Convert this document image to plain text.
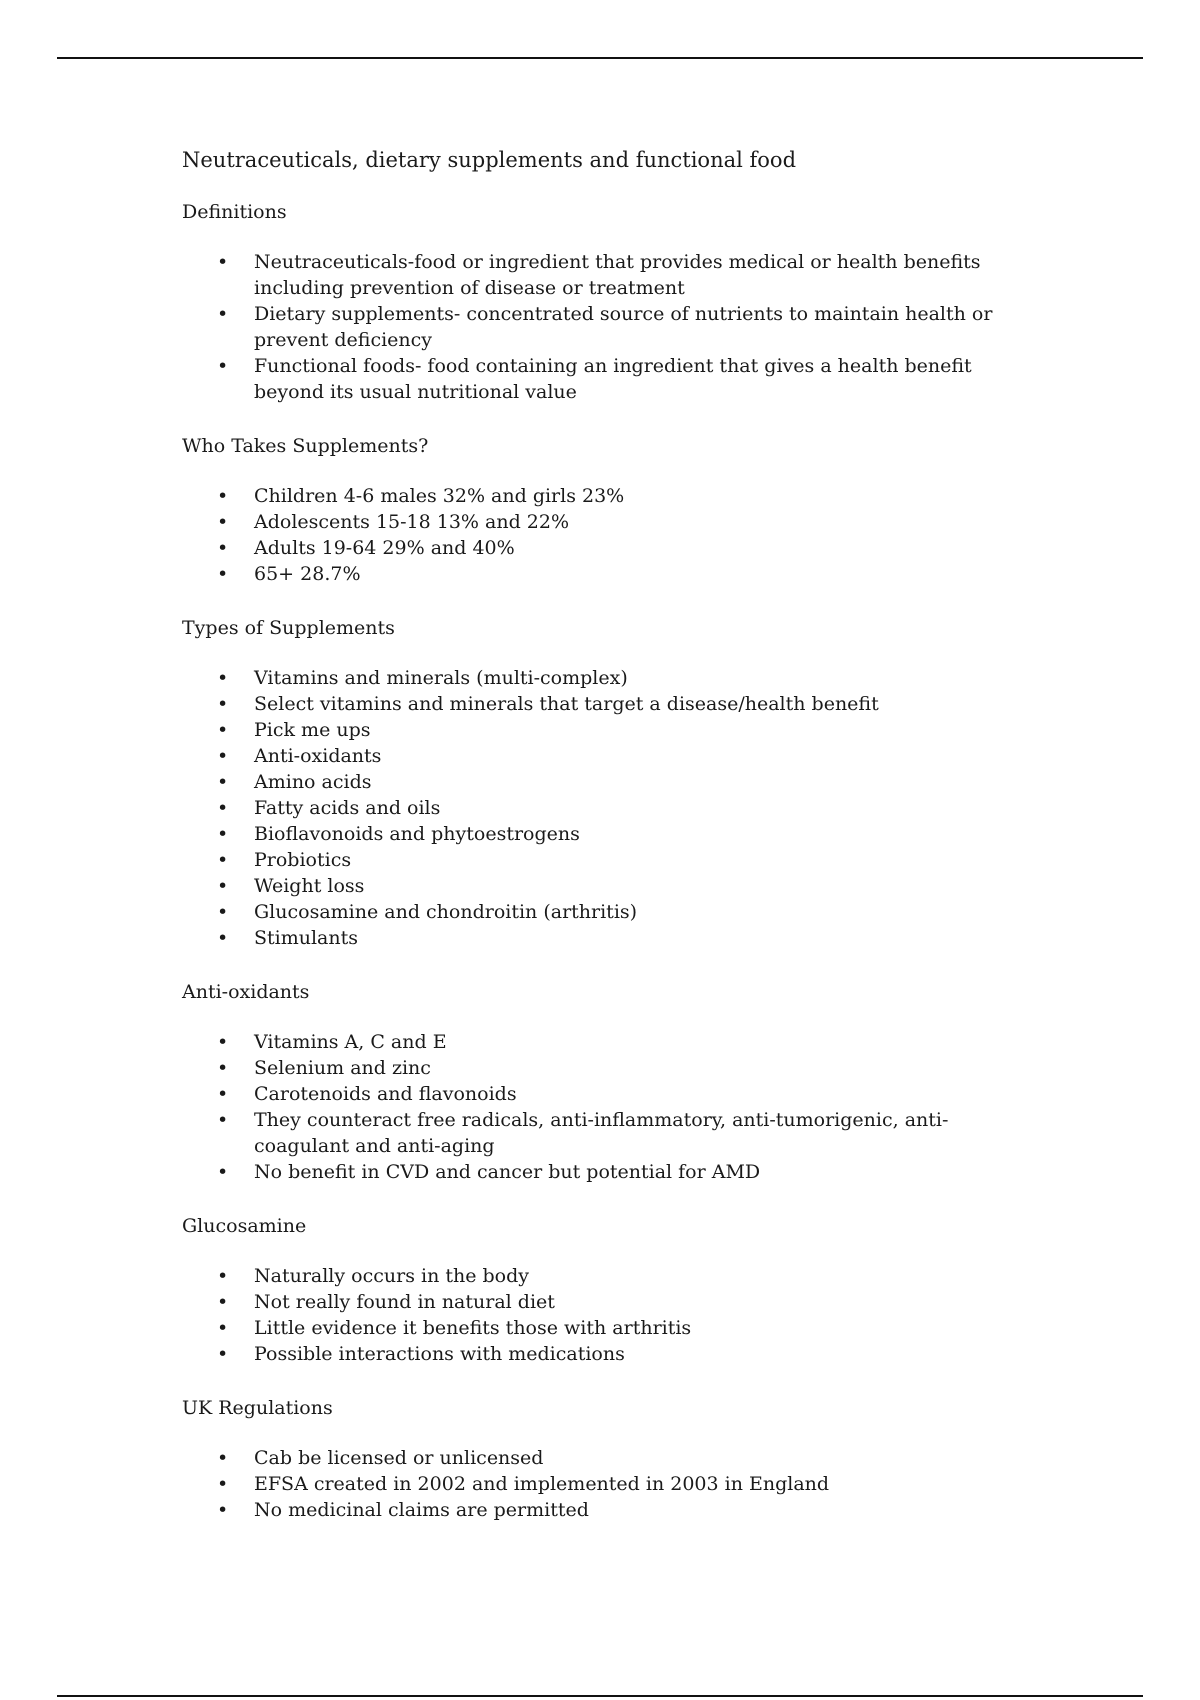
Neutraceuticals, dietary supplements and functional food
Definitions
• Neutraceuticals-food or ingredient that provides medical or health benefits including prevention of disease or treatment
• Dietary supplements- concentrated source of nutrients to maintain health or prevent deficiency
• Functional foods- food containing an ingredient that gives a health benefit beyond its usual nutritional value
Who Takes Supplements?
• Children 4-6 males 32% and girls 23%
• Adolescents 15-18 13% and 22%
• Adults 19-64 29% and 40%
• 65+ 28.7%
Types of Supplements
• Vitamins and minerals (multi-complex)
• Select vitamins and minerals that target a disease/health benefit
• Pick me ups
• Anti-oxidants
• Amino acids
• Fatty acids and oils
• Bioflavonoids and phytoestrogens
• Probiotics
• Weight loss
• Glucosamine and chondroitin (arthritis)
• Stimulants
Anti-oxidants
• Vitamins A, C and E
• Selenium and zinc
• Carotenoids and flavonoids
• They counteract free radicals, anti-inflammatory, anti-tumorigenic, anti-coagulant and anti-aging
• No benefit in CVD and cancer but potential for AMD
Glucosamine
• Naturally occurs in the body
• Not really found in natural diet
• Little evidence it benefits those with arthritis
• Possible interactions with medications
UK Regulations
• Cab be licensed or unlicensed
• EFSA created in 2002 and implemented in 2003 in England
• No medicinal claims are permitted
